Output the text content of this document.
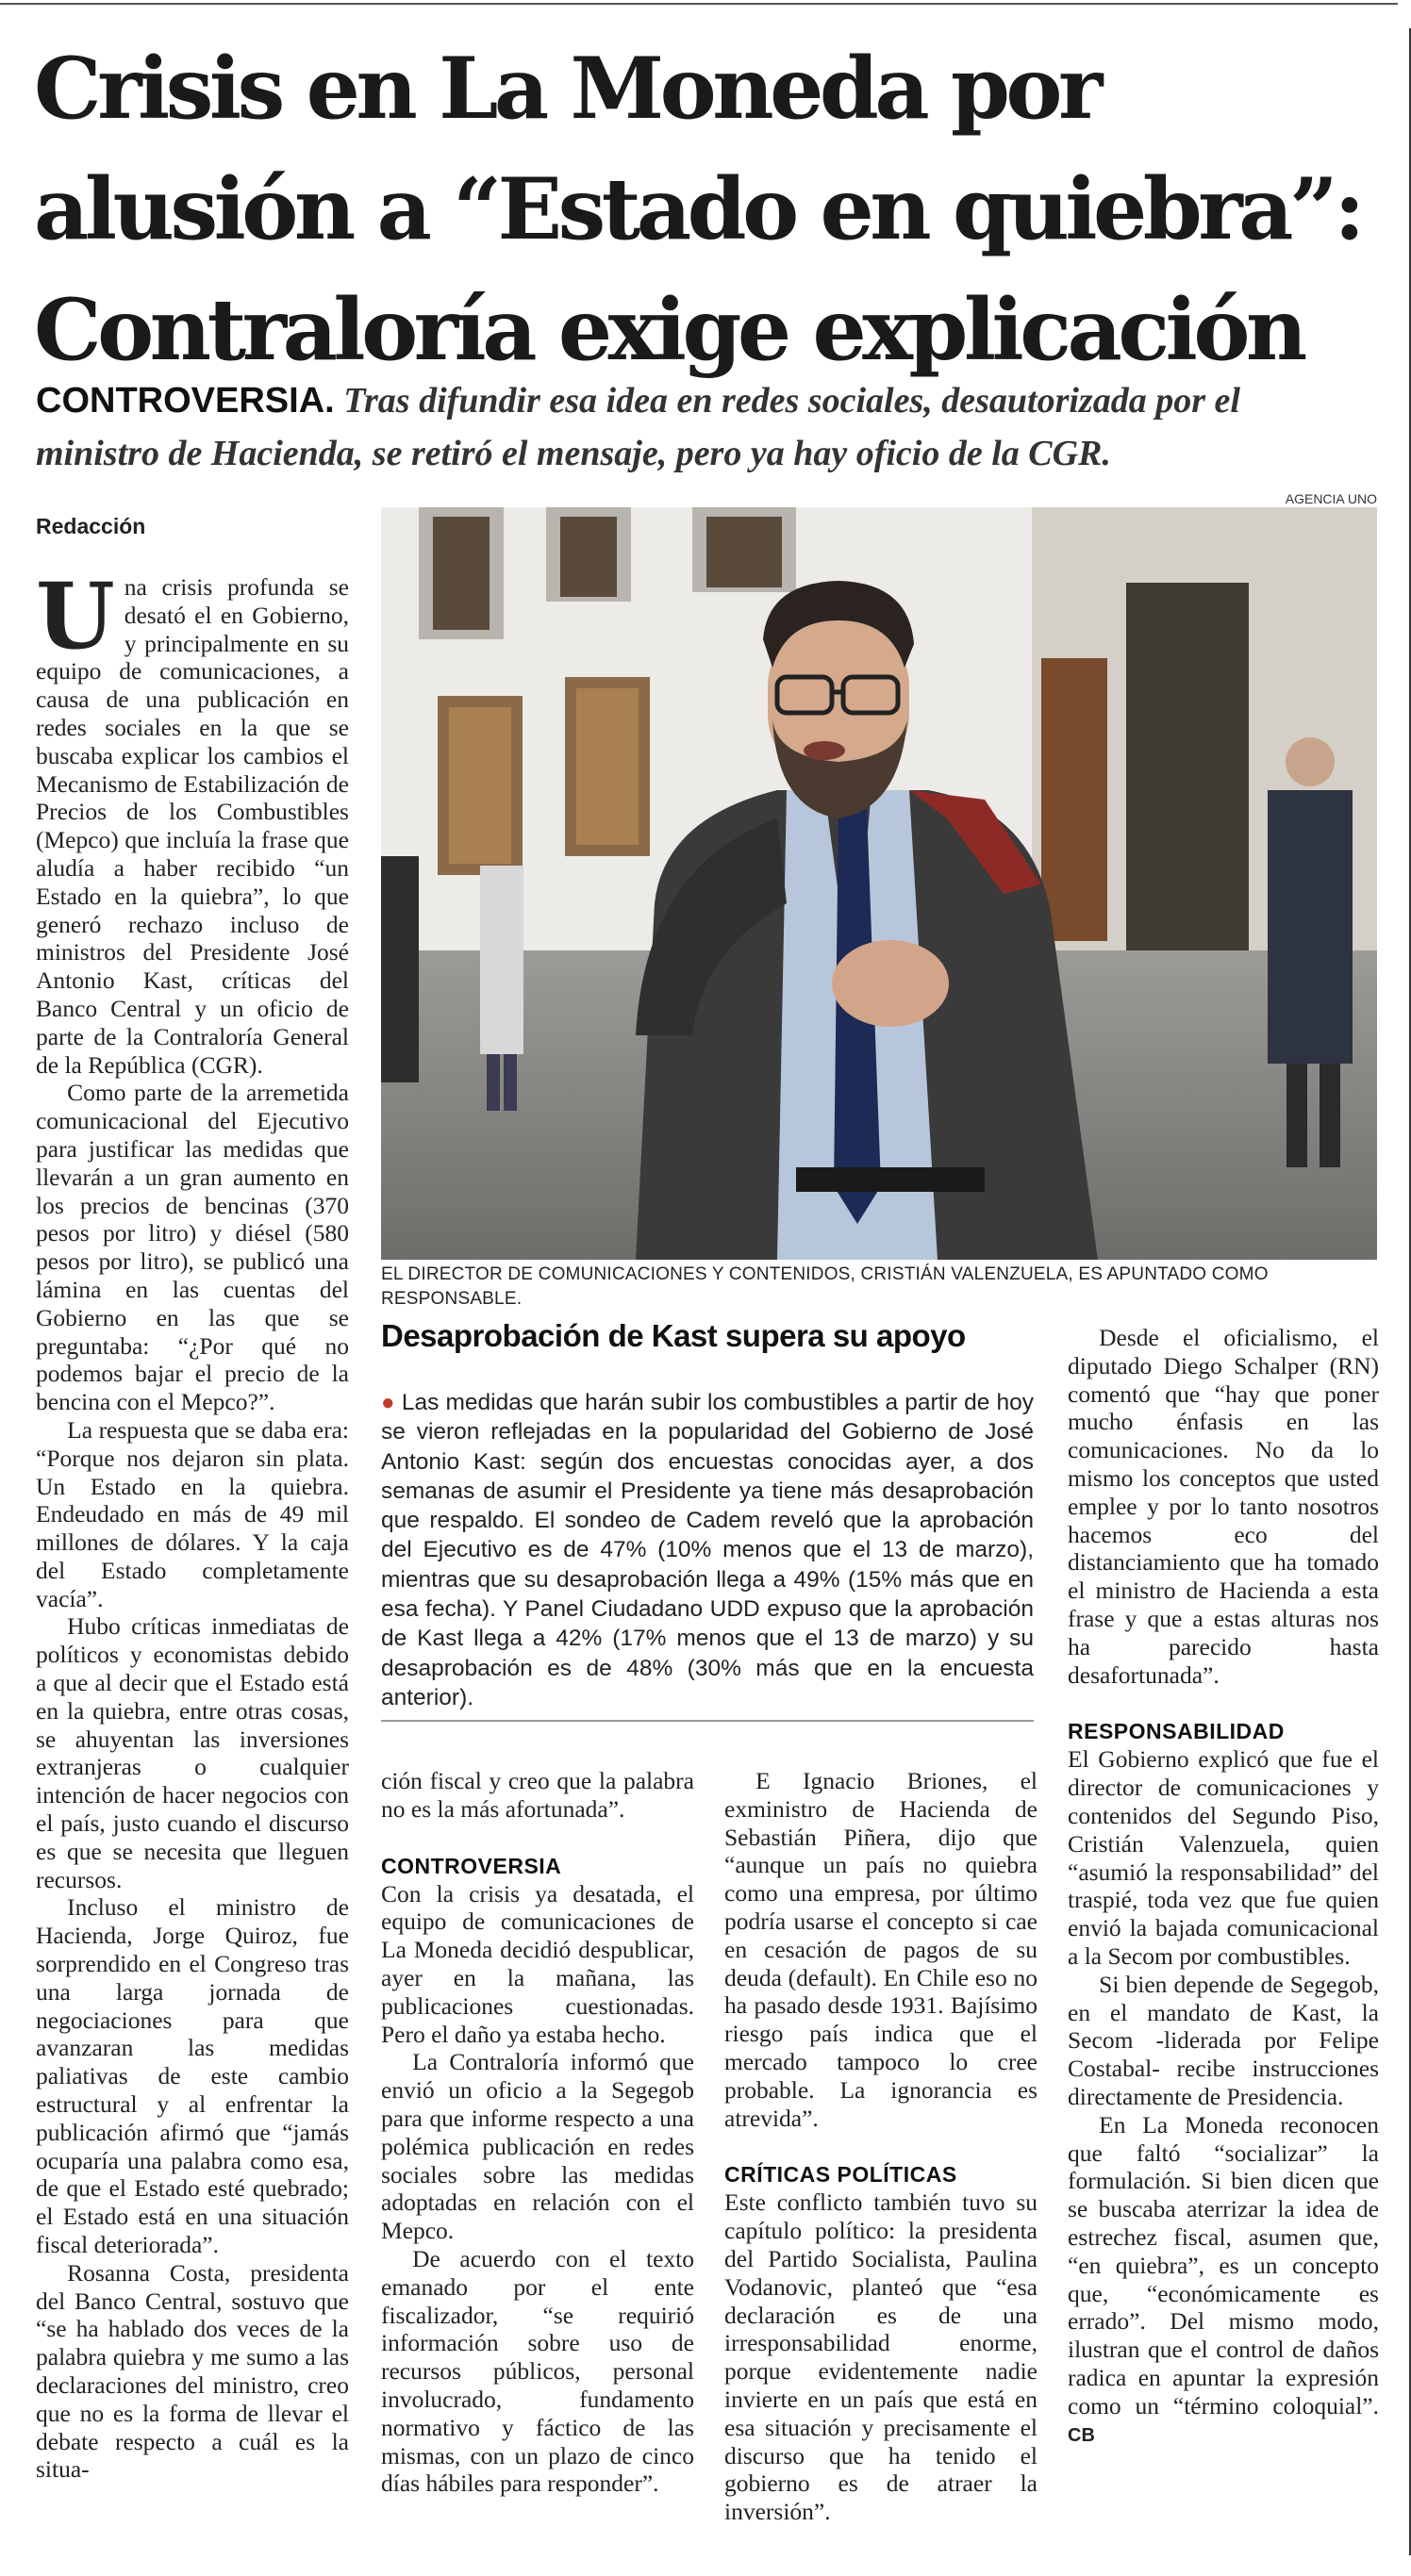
Crisis en La Moneda por
alusión a “Estado en quiebra”:
Contraloría exige explicación
CONTROVERSIA. Tras difundir esa idea en redes sociales, desautorizada por el ministro de Hacienda, se retiró el mensaje, pero ya hay oficio de la CGR.
AGENCIA UNO
EL DIRECTOR DE COMUNICACIONES Y CONTENIDOS, CRISTIÁN VALENZUELA, ES APUNTADO COMO RESPONSABLE.
Redacción

Una crisis profunda se desató el en Gobierno, y principalmente en su equipo de comunicaciones, a causa de una publicación en redes sociales en la que se buscaba explicar los cambios el Mecanismo de Estabilización de Precios de los Combustibles (Mepco) que incluía la frase que aludía a haber recibido “un Estado en la quiebra”, lo que generó rechazo incluso de ministros del Presidente José Antonio Kast, críticas del Banco Central y un oficio de parte de la Contraloría General de la República (CGR).

Como parte de la arremetida comunicacional del Ejecutivo para justificar las medidas que llevarán a un gran aumento en los precios de bencinas (370 pesos por litro) y diésel (580 pesos por litro), se publicó una lámina en las cuentas del Gobierno en las que se preguntaba: “¿Por qué no podemos bajar el precio de la bencina con el Mepco?”.

La respuesta que se daba era: “Porque nos dejaron sin plata. Un Estado en la quiebra. Endeudado en más de 49 mil millones de dólares. Y la caja del Estado completamente vacía”.

Hubo críticas inmediatas de políticos y economistas debido a que al decir que el Estado está en la quiebra, entre otras cosas, se ahuyentan las inversiones extranjeras o cualquier intención de hacer negocios con el país, justo cuando el discurso es que se necesita que lleguen recursos.

Incluso el ministro de Hacienda, Jorge Quiroz, fue sorprendido en el Congreso tras una larga jornada de negociaciones para que avanzaran las medidas paliativas de este cambio estructural y al enfrentar la publicación afirmó que “jamás ocuparía una palabra como esa, de que el Estado esté quebrado; el Estado está en una situación fiscal deteriorada”.

Rosanna Costa, presidenta del Banco Central, sostuvo que “se ha hablado dos veces de la palabra quiebra y me sumo a las declaraciones del ministro, creo que no es la forma de llevar el debate respecto a cuál es la situa-

Desaprobación de Kast supera su apoyo
● Las medidas que harán subir los combustibles a partir de hoy se vieron reflejadas en la popularidad del Gobierno de José Antonio Kast: según dos encuestas conocidas ayer, a dos semanas de asumir el Presidente ya tiene más desaprobación que respaldo. El sondeo de Cadem reveló que la aprobación del Ejecutivo es de 47% (10% menos que el 13 de marzo), mientras que su desaprobación llega a 49% (15% más que en esa fecha). Y Panel Ciudadano UDD expuso que la aprobación de Kast llega a 42% (17% menos que el 13 de marzo) y su desaprobación es de 48% (30% más que en la encuesta anterior).

ción fiscal y creo que la palabra no es la más afortunada”.

CONTROVERSIA

Con la crisis ya desatada, el equipo de comunicaciones de La Moneda decidió despublicar, ayer en la mañana, las publicaciones cuestionadas. Pero el daño ya estaba hecho.

La Contraloría informó que envió un oficio a la Segegob para que informe respecto a una polémica publicación en redes sociales sobre las medidas adoptadas en relación con el Mepco.

De acuerdo con el texto emanado por el ente fiscalizador, “se requirió información sobre uso de recursos públicos, personal involucrado, fundamento normativo y fáctico de las mismas, con un plazo de cinco días hábiles para responder”.

E Ignacio Briones, el exministro de Hacienda de Sebastián Piñera, dijo que “aunque un país no quiebra como una empresa, por último podría usarse el concepto si cae en cesación de pagos de su deuda (default). En Chile eso no ha pasado desde 1931. Bajísimo riesgo país indica que el mercado tampoco lo cree probable. La ignorancia es atrevida”.

CRÍTICAS POLÍTICAS

Este conflicto también tuvo su capítulo político: la presidenta del Partido Socialista, Paulina Vodanovic, planteó que “esa declaración es de una irresponsabilidad enorme, porque evidentemente nadie invierte en un país que está en esa situación y precisamente el discurso que ha tenido el gobierno es de atraer la inversión”.

Desde el oficialismo, el diputado Diego Schalper (RN) comentó que “hay que poner mucho énfasis en las comunicaciones. No da lo mismo los conceptos que usted emplee y por lo tanto nosotros hacemos eco del distanciamiento que ha tomado el ministro de Hacienda a esta frase y que a estas alturas nos ha parecido hasta desafortunada”.

RESPONSABILIDAD

El Gobierno explicó que fue el director de comunicaciones y contenidos del Segundo Piso, Cristián Valenzuela, quien “asumió la responsabilidad” del traspié, toda vez que fue quien envió la bajada comunicacional a la Secom por combustibles.

Si bien depende de Segegob, en el mandato de Kast, la Secom -liderada por Felipe Costabal- recibe instrucciones directamente de Presidencia.

En La Moneda reconocen que faltó “socializar” la formulación. Si bien dicen que se buscaba aterrizar la idea de estrechez fiscal, asumen que, “en quiebra”, es un concepto que, “económicamente es errado”. Del mismo modo, ilustran que el control de daños radica en apuntar la expresión como un “término coloquial”. CB
